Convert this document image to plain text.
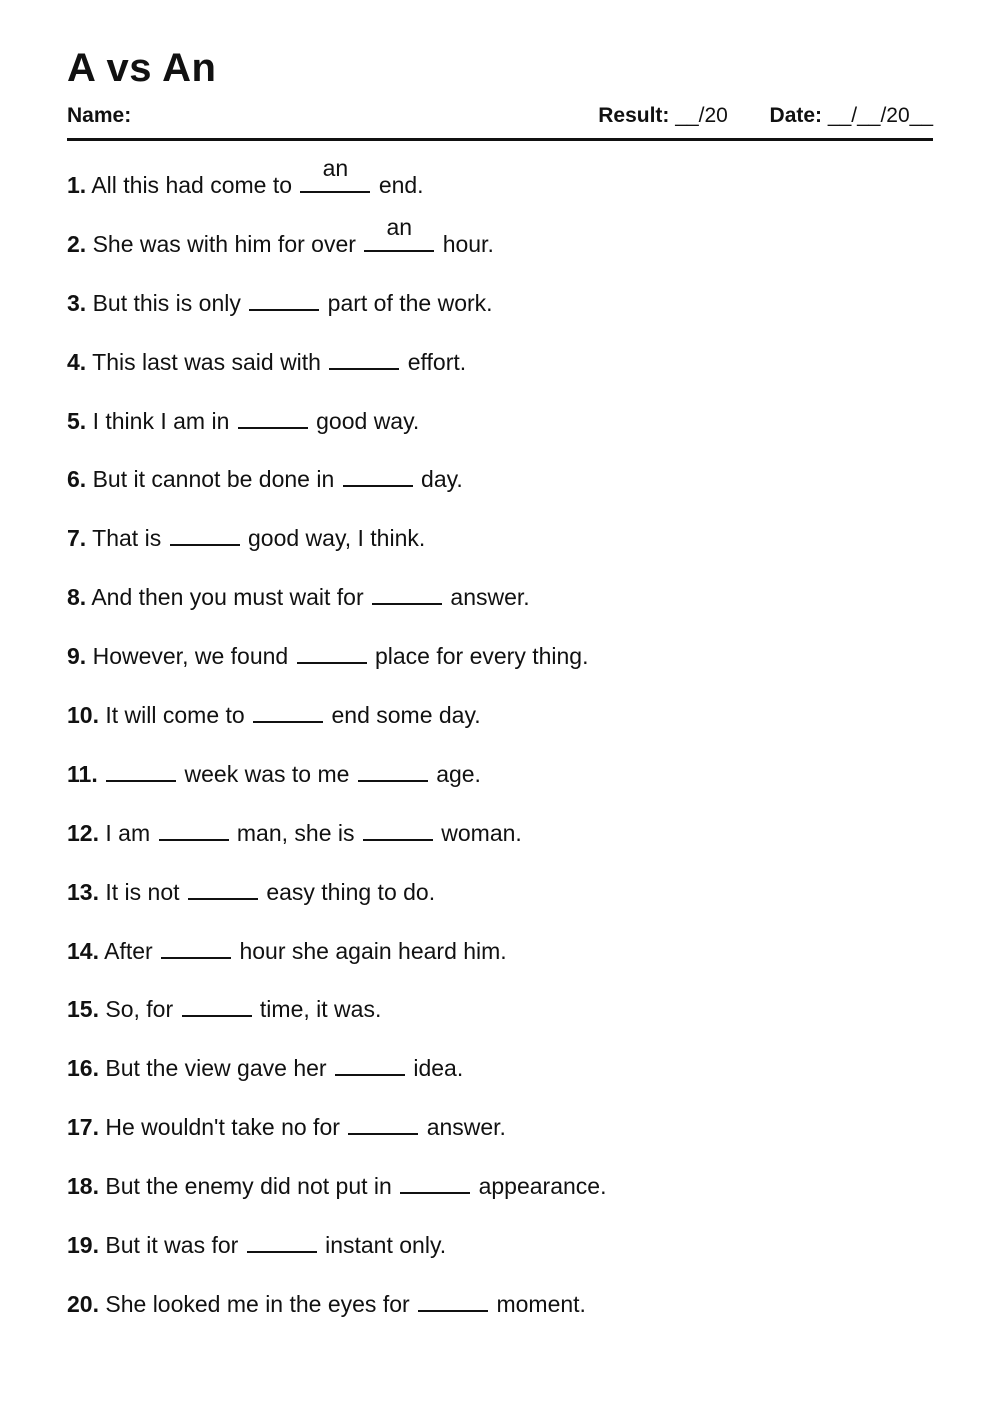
A vs An
Name:	Result: __/20 Date: __/__/20__
1. All this had come to
an
end.
2. She was with him for over
an
hour.
3. But this is only	part of the work.
4. This last was said with	effort.
5. I think I am in	good way.
6. But it cannot be done in	day.
7. That is	good way, I think.
8. And then you must wait for	answer.
9. However, we found	place for every thing.
10. It will come to	end some day.
11.	week was to me	age.
12. I am	man, she is	woman.
13. It is not	easy thing to do.
14. After	hour she again heard him.
15. So, for	time, it was.
16. But the view gave her	idea.
17. He wouldn't take no for	answer.
18. But the enemy did not put in	appearance.
19. But it was for	instant only.
20. She looked me in the eyes for	moment.
